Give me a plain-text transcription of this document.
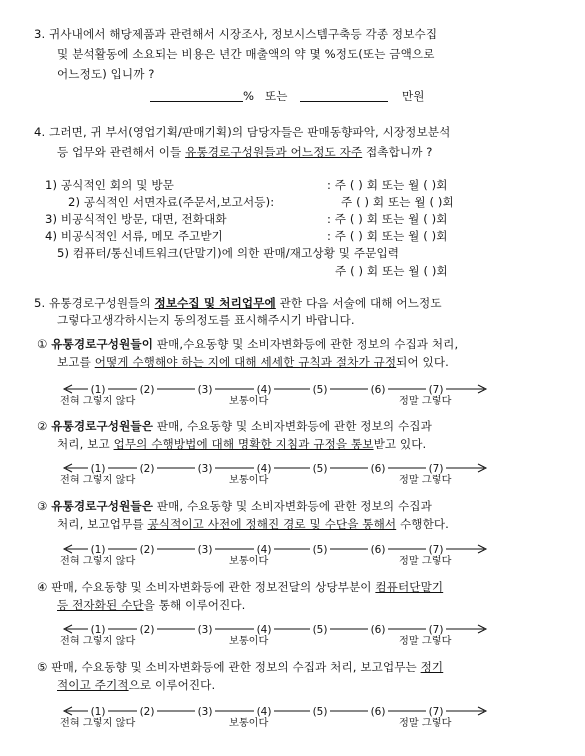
3. 귀사내에서 해당제품과 관련해서 시장조사, 정보시스템구축등 각종 정보수집
및 분석활동에 소요되는 비용은 년간 매출액의 약 몇 %정도(또는 금액으로
어느정도) 입니까 ?
% 또는	만원
4. 그러면, 귀 부서(영업기획/판매기획)의 담당자들은 판매동향파악, 시장정보분석
등 업무와 관련해서 이들 유통경로구성원들과 어느정도 자주 접촉합니까 ?
1) 공식적인 회의 및 방문	: 주 ( ) 회 또는 월 ( )회
2) 공식적인 서면자료(주문서,보고서등):	주 ( ) 회 또는 월 ( )회
3) 비공식적인 방문, 대면, 전화대화	: 주 ( ) 회 또는 월 ( )회
4) 비공식적인 서류, 메모 주고받기	: 주 ( ) 회 또는 월 ( )회
5) 컴퓨터/통신네트워크(단말기)에 의한 판매/재고상황 및 주문입력
주 ( ) 회 또는 월 ( )회
5. 유통경로구성원들의 정보수집 및 처리업무에 관한 다음 서술에 대해 어느정도
그렇다고생각하시는지 동의정도를 표시해주시기 바랍니다.
① 유통경로구성원들이 판매,수요동향 및 소비자변화등에 관한 정보의 수집과 처리,
보고를 어떻게 수행해야 하는 지에 대해 세세한 규칙과 절차가 규정되어 있다.
② 유통경로구성원들은 판매, 수요동향 및 소비자변화등에 관한 정보의 수집과
처리, 보고 업무의 수행방법에 대해 명확한 지침과 규정을 통보받고 있다.
③ 유통경로구성원들은 판매, 수요동향 및 소비자변화등에 관한 정보의 수집과
처리, 보고업무를 공식적이고 사전에 정해진 경로 및 수단을 통해서 수행한다.
④ 판매, 수요동향 및 소비자변화등에 관한 정보전달의 상당부분이 컴퓨터단말기
등 전자화된 수단을 통해 이루어진다.
⑤ 판매, 수요동향 및 소비자변화등에 관한 정보의 수집과 처리, 보고업무는 정기
적이고 주기적으로 이루어진다.
(1)	(2)	(3)	(4)	(5)	(6)	(7)
전혀 그렇지 않다	보통이다	정말 그렇다
(1)	(2)	(3)	(4)	(5)	(6)	(7)
전혀 그렇지 않다	보통이다	정말 그렇다
(1)	(2)	(3)	(4)	(5)	(6)	(7)
전혀 그렇지 않다	보통이다	정말 그렇다
(1)	(2)	(3)	(4)	(5)	(6)	(7)
전혀 그렇지 않다	보통이다	정말 그렇다
(1)	(2)	(3)	(4)	(5)	(6)	(7)
전혀 그렇지 않다	보통이다	정말 그렇다
